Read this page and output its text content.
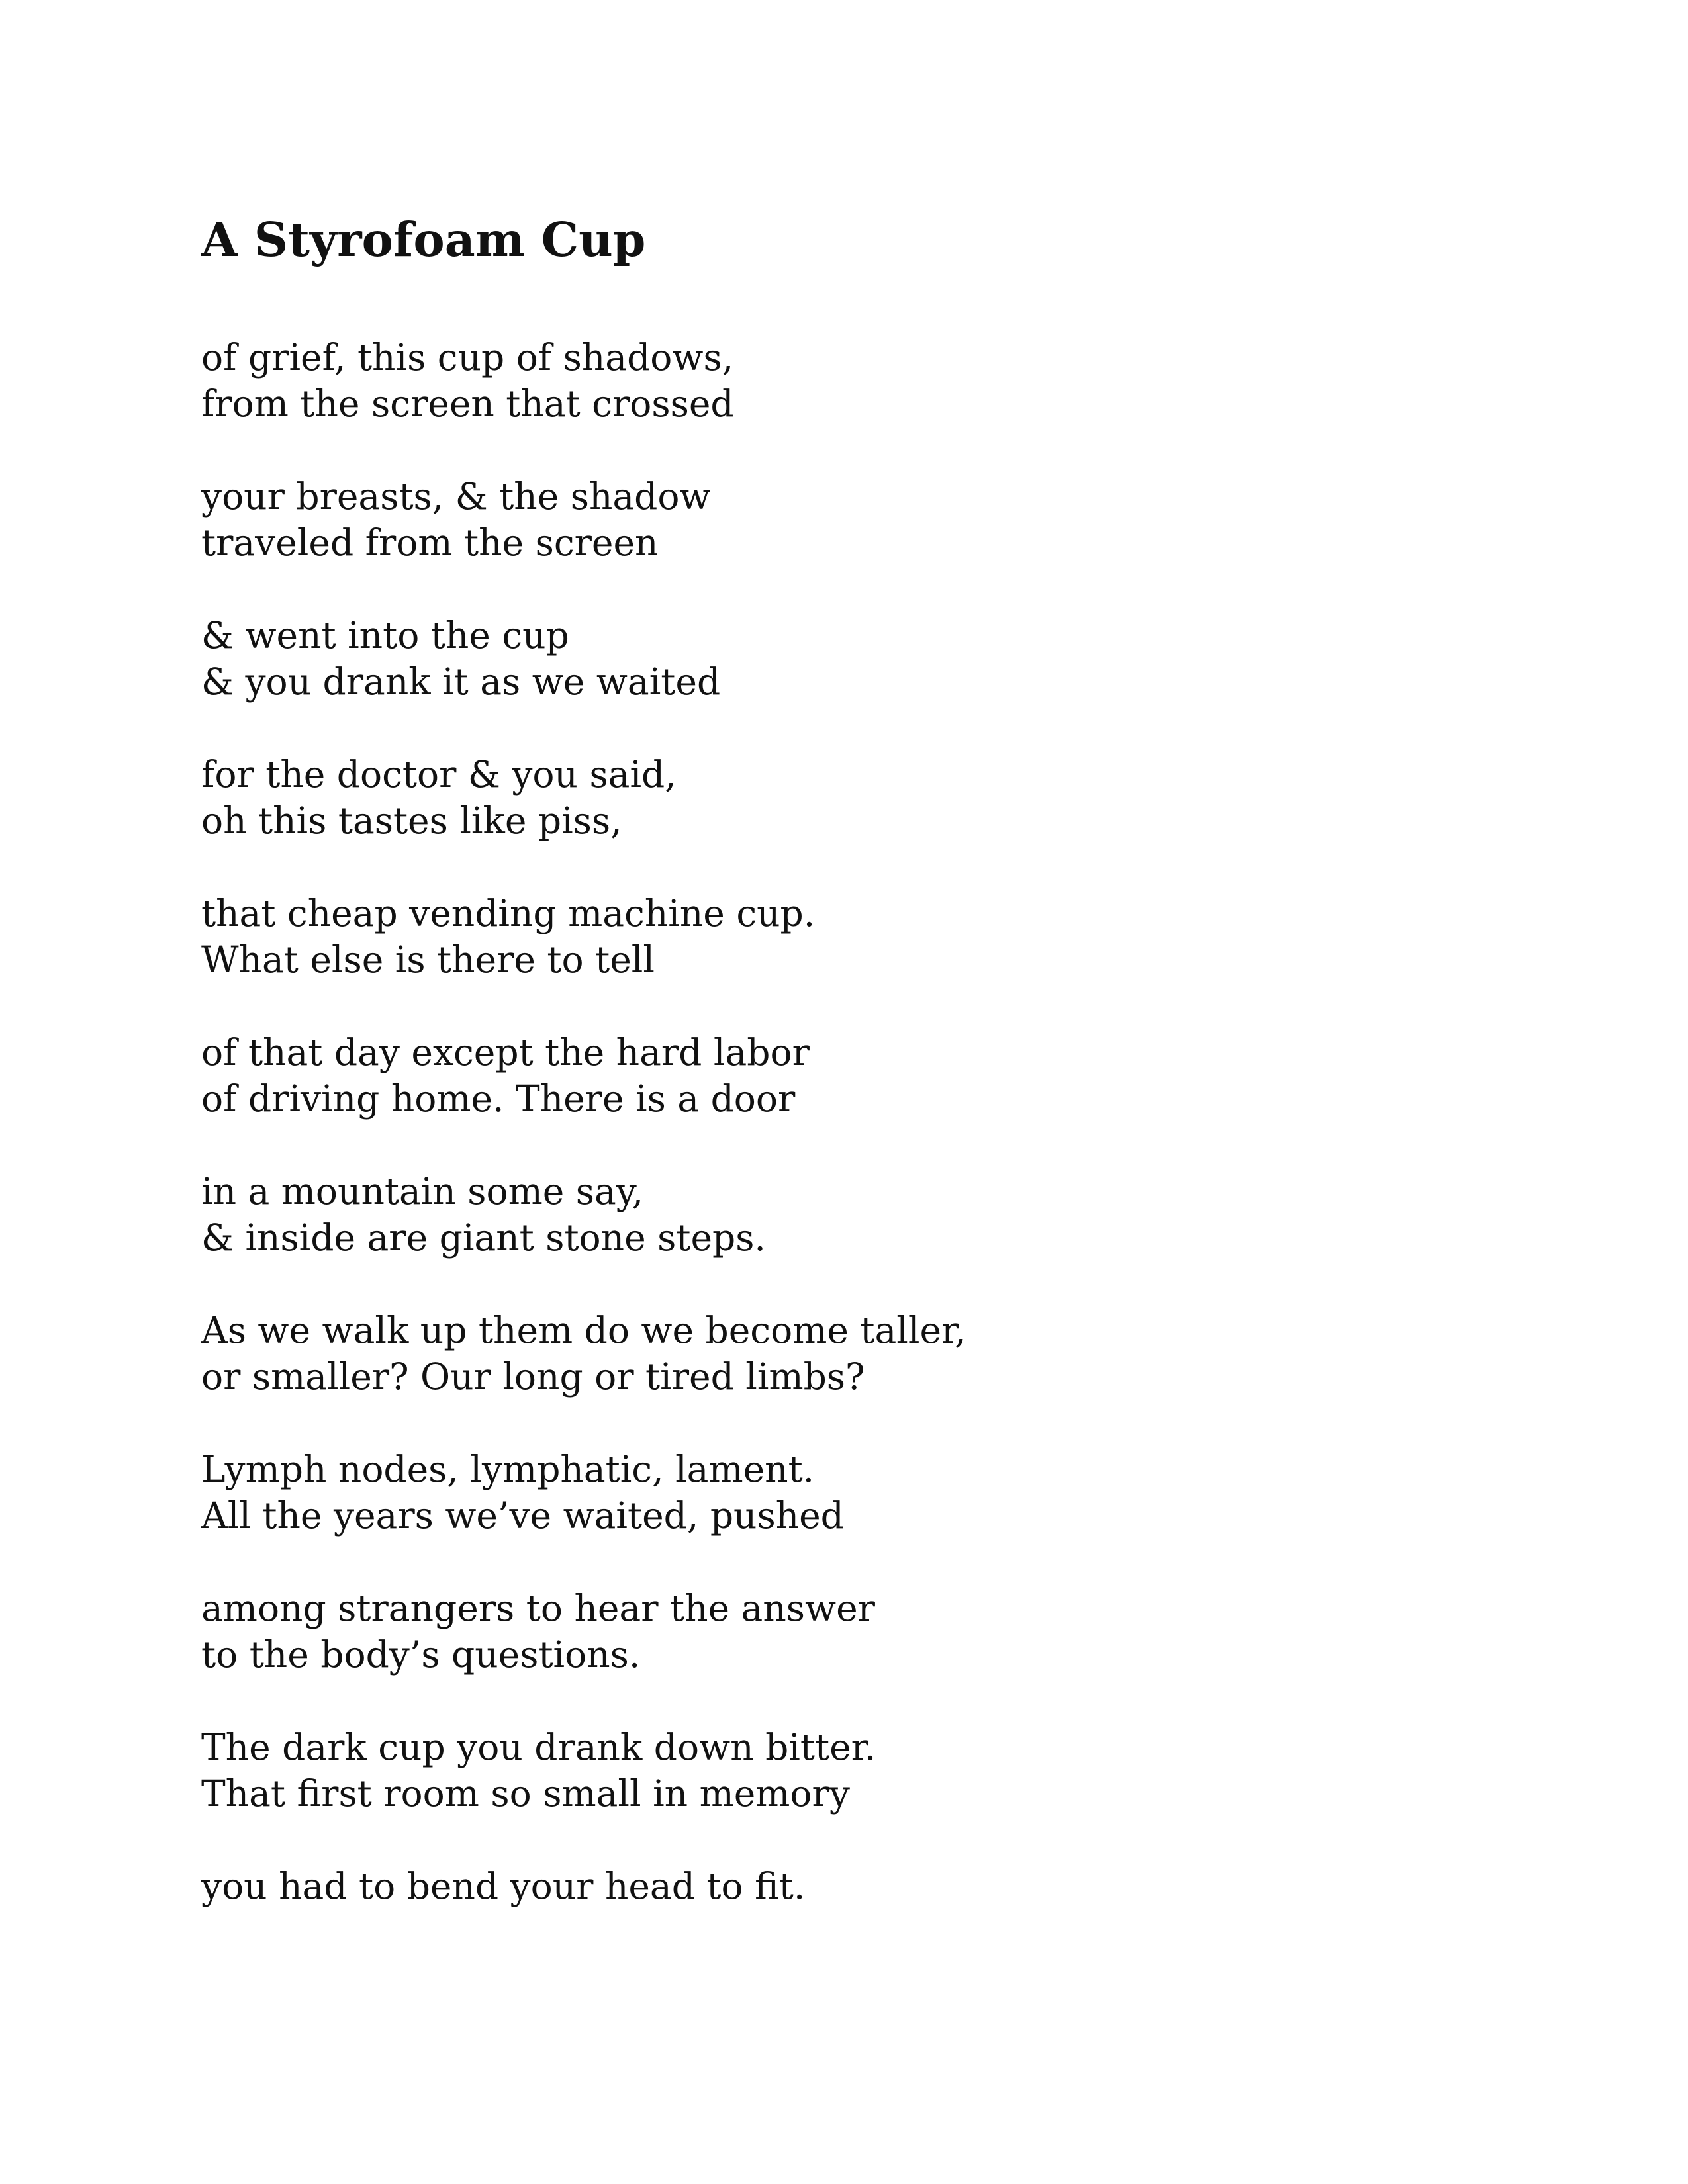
A Styrofoam Cup
of grief, this cup of shadows,
from the screen that crossed
your breasts, & the shadow
traveled from the screen
& went into the cup
& you drank it as we waited
for the doctor & you said,
oh this tastes like piss,
that cheap vending machine cup.
What else is there to tell
of that day except the hard labor
of driving home. There is a door
in a mountain some say,
& inside are giant stone steps.
As we walk up them do we become taller,
or smaller? Our long or tired limbs?
Lymph nodes, lymphatic, lament.
All the years we’ve waited, pushed
among strangers to hear the answer
to the body’s questions.
The dark cup you drank down bitter.
That first room so small in memory
you had to bend your head to fit.
